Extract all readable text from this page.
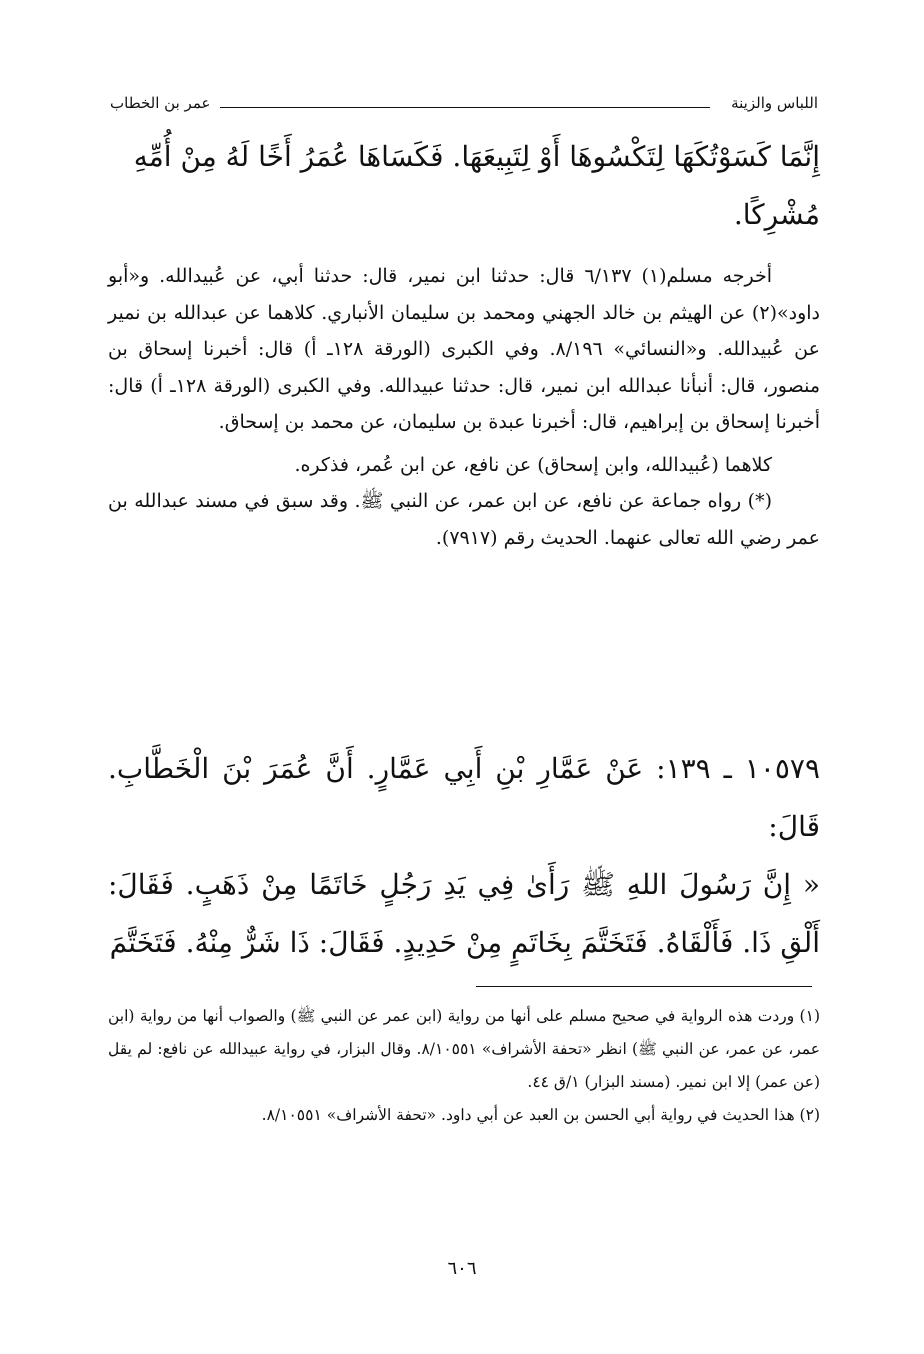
اللباس والزينة
عمر بن الخطاب

إِنَّمَا كَسَوْتُكَهَا لِتَكْسُوهَا أَوْ لِتَبِيعَهَا. فَكَسَاهَا عُمَرُ أَخًا لَهُ مِنْ أُمِّهِ

مُشْرِكًا.

أخرجه مسلم(١) ٦/١٣٧ قال: حدثنا ابن نمير، قال: حدثنا أبي، عن عُبيدالله. و«أبو داود»(٢) عن الهيثم بن خالد الجهني ومحمد بن سليمان الأنباري. كلاهما عن عبدالله بن نمير عن عُبيدالله. و«النسائي» ٨/١٩٦. وفي الكبرى (الورقة ١٢٨ـ أ) قال: أخبرنا إسحاق بن منصور، قال: أنبأنا عبدالله ابن نمير، قال: حدثنا عبيدالله. وفي الكبرى (الورقة ١٢٨ـ أ) قال: أخبرنا إسحاق بن إبراهيم، قال: أخبرنا عبدة بن سليمان، عن محمد بن إسحاق.

كلاهما (عُبيدالله، وابن إسحاق) عن نافع، عن ابن عُمر، فذكره.

(*) رواه جماعة عن نافع، عن ابن عمر، عن النبي ﷺ. وقد سبق في مسند عبدالله بن عمر رضي الله تعالى عنهما. الحديث رقم (٧٩١٧).

١٠٥٧٩ ـ ١٣٩: عَنْ عَمَّارِ بْنِ أَبِي عَمَّارٍ. أَنَّ عُمَرَ بْنَ الْخَطَّابِ. قَالَ:

« إِنَّ رَسُولَ اللهِ ﷺ رَأَىٰ فِي يَدِ رَجُلٍ خَاتَمًا مِنْ ذَهَبٍ. فَقَالَ: أَلْقِ ذَا. فَأَلْقَاهُ. فَتَخَتَّمَ بِخَاتَمٍ مِنْ حَدِيدٍ. فَقَالَ: ذَا شَرٌّ مِنْهُ. فَتَخَتَّمَ

(١) وردت هذه الرواية في صحيح مسلم على أنها من رواية (ابن عمر عن النبي ﷺ) والصواب أنها من رواية (ابن عمر، عن عمر، عن النبي ﷺ) انظر «تحفة الأشراف» ٨/١٠٥٥١. وقال البزار، في رواية عبيدالله عن نافع: لم يقل (عن عمر) إلا ابن نمير. (مسند البزار) ١/ق ٤٤.

(٢) هذا الحديث في رواية أبي الحسن بن العبد عن أبي داود. «تحفة الأشراف» ٨/١٠٥٥١.

٦٠٦
